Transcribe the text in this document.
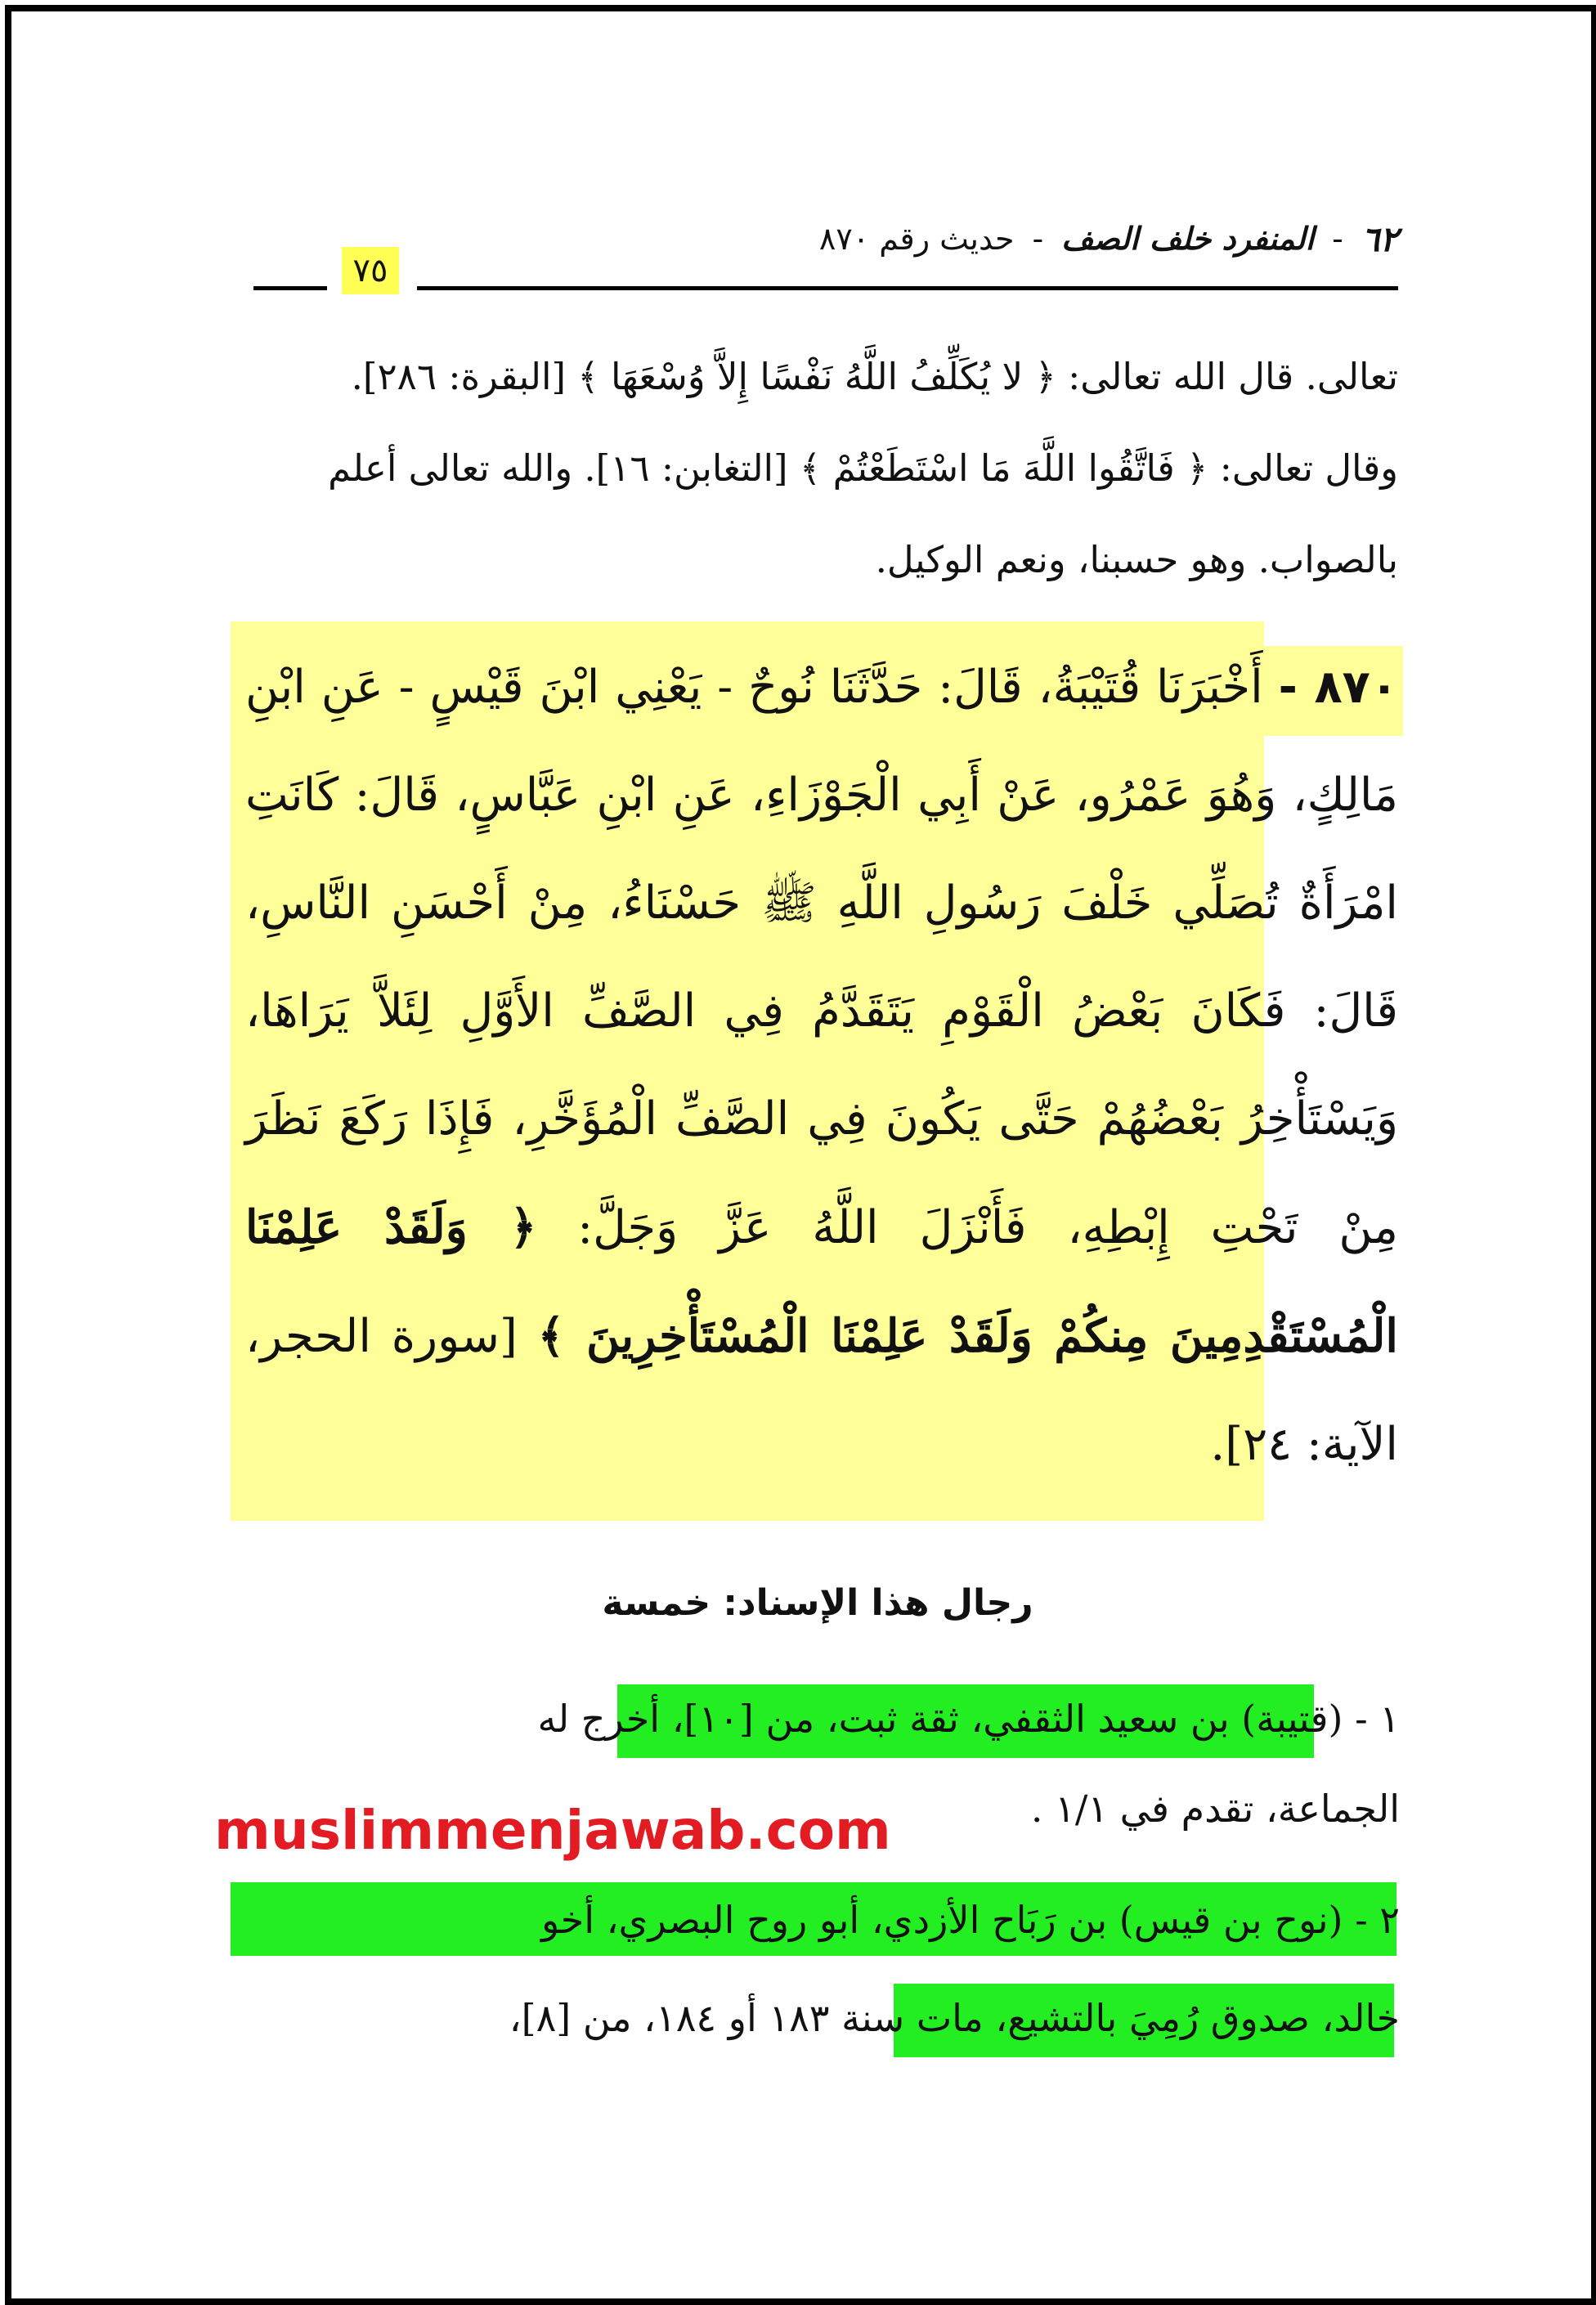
٦٢
-
المنفرد خلف الصف
-
حديث رقم ٨٧٠
٧٥
تعالى. قال الله تعالى: ﴿ لا يُكَلِّفُ اللَّهُ نَفْسًا إِلاَّ وُسْعَهَا ﴾ [البقرة: ٢٨٦].
وقال تعالى: ﴿ فَاتَّقُوا اللَّهَ مَا اسْتَطَعْتُمْ ﴾ [التغابن: ١٦]. والله تعالى أعلم
بالصواب. وهو حسبنا، ونعم الوكيل.
٨٧٠ - أَخْبَرَنَا قُتَيْبَةُ، قَالَ: حَدَّثَنَا نُوحٌ - يَعْنِي ابْنَ قَيْسٍ - عَنِ ابْنِ مَالِكٍ، وَهُوَ عَمْرُو، عَنْ أَبِي الْجَوْزَاءِ، عَنِ ابْنِ عَبَّاسٍ، قَالَ: كَانَتِ امْرَأَةٌ تُصَلِّي خَلْفَ رَسُولِ اللَّهِ ﷺ حَسْنَاءُ، مِنْ أَحْسَنِ النَّاسِ، قَالَ: فَكَانَ بَعْضُ الْقَوْمِ يَتَقَدَّمُ فِي الصَّفِّ الأَوَّلِ لِئَلاَّ يَرَاهَا، وَيَسْتَأْخِرُ بَعْضُهُمْ حَتَّى يَكُونَ فِي الصَّفِّ الْمُؤَخَّرِ، فَإِذَا رَكَعَ نَظَرَ مِنْ تَحْتِ إِبْطِهِ، فَأَنْزَلَ اللَّهُ عَزَّ وَجَلَّ: ﴿ وَلَقَدْ عَلِمْنَا الْمُسْتَقْدِمِينَ مِنكُمْ وَلَقَدْ عَلِمْنَا الْمُسْتَأْخِرِينَ ﴾ [سورة الحجر، الآية: ٢٤].
رجال هذا الإسناد: خمسة
١ - (قتيبة) بن سعيد الثقفي، ثقة ثبت، من [١٠]، أخرج له
الجماعة، تقدم في ١/١ .
muslimmenjawab.com
٢ - (نوح بن قيس) بن رَبَاح الأزدي، أبو روح البصري، أخو
خالد، صدوق رُمِيَ بالتشيع، مات سنة ١٨٣ أو ١٨٤، من [٨]،
